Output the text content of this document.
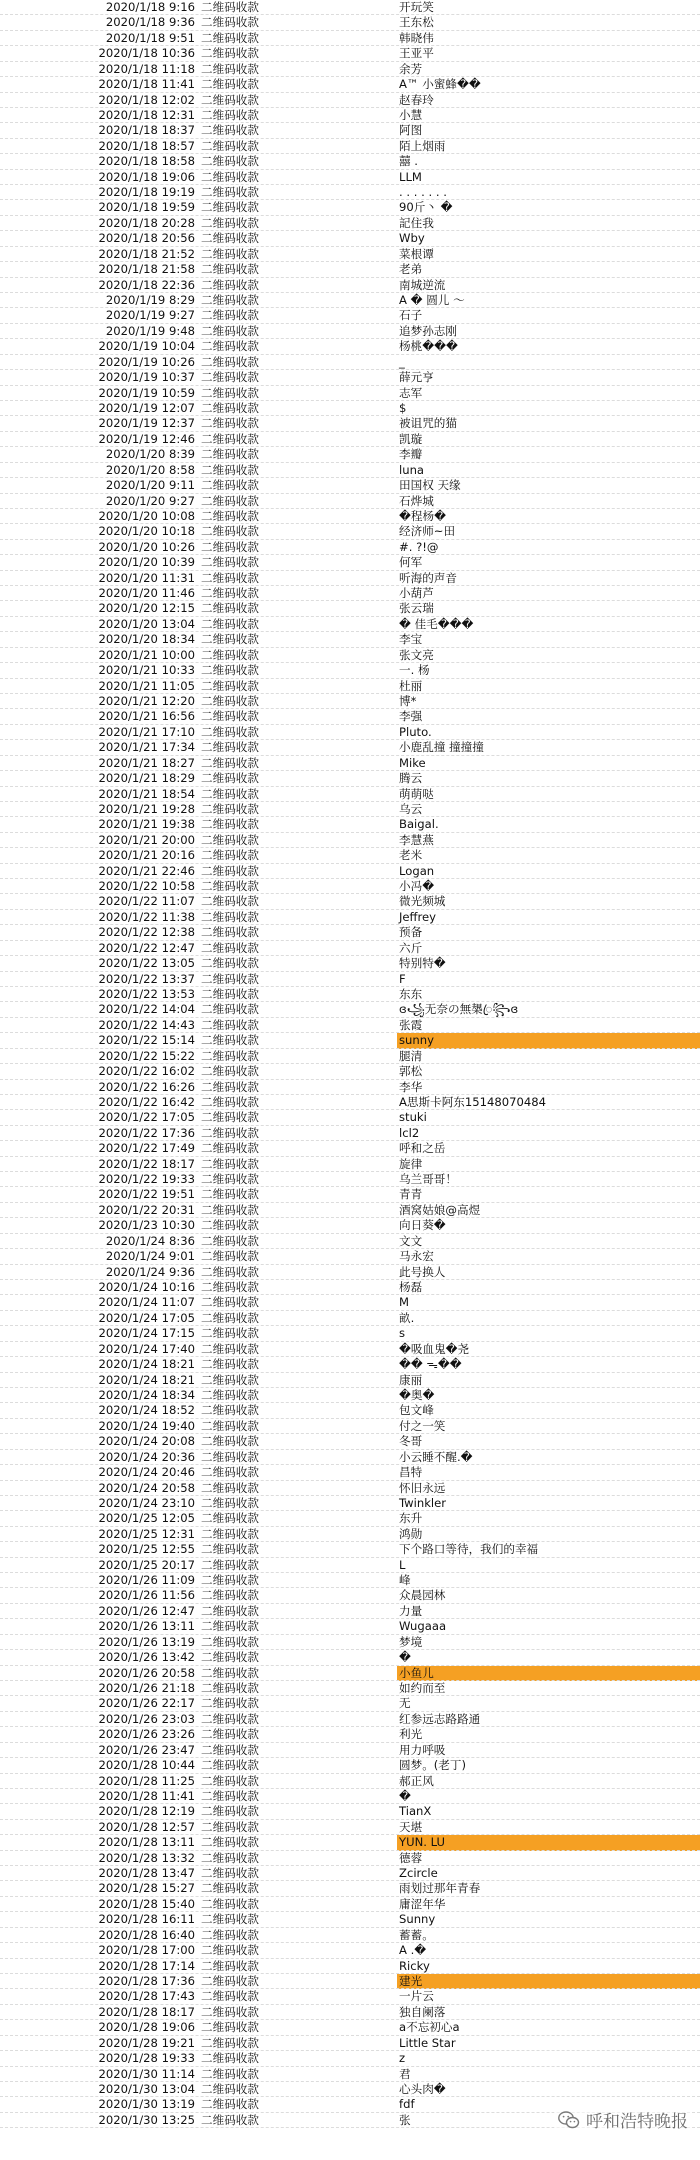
2020/1/18 9:16 二维码收款	开玩笑
2020/1/18 9:36 二维码收款	王东松
2020/1/18 9:51 二维码收款	韩晓伟
2020/1/18 10:36 二维码收款	王亚平
2020/1/18 11:18 二维码收款	余芳
2020/1/18 11:41 二维码收款	A™ 小蜜蜂��
2020/1/18 12:02 二维码收款	赵春玲
2020/1/18 12:31 二维码收款	小慧
2020/1/18 18:37 二维码收款	阿图
2020/1/18 18:57 二维码收款	陌上烟雨
2020/1/18 18:58 二维码收款	囍 .
2020/1/18 19:06 二维码收款	LLM
2020/1/18 19:19 二维码收款	. . . . . . .
2020/1/18 19:59 二维码收款	90斤丶 �
2020/1/18 20:28 二维码收款	記住我
2020/1/18 20:56 二维码收款	Wby
2020/1/18 21:52 二维码收款	菜根谭
2020/1/18 21:58 二维码收款	老弟
2020/1/18 22:36 二维码收款	南城逆流
2020/1/19 8:29 二维码收款	A � 圆儿 ～
2020/1/19 9:27 二维码收款	石子
2020/1/19 9:48 二维码收款	追梦孙志刚
2020/1/19 10:04 二维码收款	杨桃���
2020/1/19 10:26 二维码收款	_
2020/1/19 10:37 二维码收款	薛元亨
2020/1/19 10:59 二维码收款	志军
2020/1/19 12:07 二维码收款	$
2020/1/19 12:37 二维码收款	被诅咒的猫
2020/1/19 12:46 二维码收款	凯璇
2020/1/20 8:39 二维码收款	李瓣
2020/1/20 8:58 二维码收款	luna
2020/1/20 9:11 二维码收款	田国权 天缘
2020/1/20 9:27 二维码收款	石烨城
2020/1/20 10:08 二维码收款	�程杨�
2020/1/20 10:18 二维码收款	经济师~田
2020/1/20 10:26 二维码收款	#. ?!@
2020/1/20 10:39 二维码收款	何军
2020/1/20 11:31 二维码收款	听海的声音
2020/1/20 11:46 二维码收款	小葫芦
2020/1/20 12:15 二维码收款	张云瑞
2020/1/20 13:04 二维码收款	� 佳毛���
2020/1/20 18:34 二维码收款	李宝
2020/1/21 10:00 二维码收款	张文亮
2020/1/21 10:33 二维码收款	一. 杨
2020/1/21 11:05 二维码收款	杜丽
2020/1/21 12:20 二维码收款	博*
2020/1/21 16:56 二维码收款	李强
2020/1/21 17:10 二维码收款	Pluto.
2020/1/21 17:34 二维码收款	小鹿乱撞 撞撞撞
2020/1/21 18:27 二维码收款	Mike
2020/1/21 18:29 二维码收款	腾云
2020/1/21 18:54 二维码收款	萌萌哒
2020/1/21 19:28 二维码收款	乌云
2020/1/21 19:38 二维码收款	Baigal.
2020/1/21 20:00 二维码收款	李慧燕
2020/1/21 20:16 二维码收款	老米
2020/1/21 22:46 二维码收款	Logan
2020/1/22 10:58 二维码收款	小冯�
2020/1/22 11:07 二维码收款	微光频城
2020/1/22 11:38 二维码收款	Jeffrey
2020/1/22 12:38 二维码收款	预备
2020/1/22 12:47 二维码收款	六斤
2020/1/22 13:05 二维码收款	特别特�
2020/1/22 13:37 二维码收款	F
2020/1/22 13:53 二维码收款	东东
2020/1/22 14:04 二维码收款	ɞ꧁无奈の無槼ꦿ꧂ɞ
2020/1/22 14:43 二维码收款	张霞
2020/1/22 15:14 二维码收款	sunny
2020/1/22 15:22 二维码收款	腿清
2020/1/22 16:02 二维码收款	郭松
2020/1/22 16:26 二维码收款	李华
2020/1/22 16:42 二维码收款	A思斯卡阿东15148070484
2020/1/22 17:05 二维码收款	stuki
2020/1/22 17:36 二维码收款	lcl2
2020/1/22 17:49 二维码收款	呼和之岳
2020/1/22 18:17 二维码收款	旋律
2020/1/22 19:33 二维码收款	乌兰哥哥！
2020/1/22 19:51 二维码收款	青青
2020/1/22 20:31 二维码收款	酒窝姑娘@高煜
2020/1/23 10:30 二维码收款	向日葵�
2020/1/24 8:36 二维码收款	文文
2020/1/24 9:01 二维码收款	马永宏
2020/1/24 9:36 二维码收款	此号换人
2020/1/24 10:16 二维码收款	杨磊
2020/1/24 11:07 二维码收款	M
2020/1/24 17:05 二维码收款	畝.
2020/1/24 17:15 二维码收款	s
2020/1/24 17:40 二维码收款	�吸血鬼�尧
2020/1/24 18:21 二维码收款	�� ᯓ��
2020/1/24 18:21 二维码收款	康丽
2020/1/24 18:34 二维码收款	�奥�
2020/1/24 18:52 二维码收款	包文峰
2020/1/24 19:40 二维码收款	付之一笑
2020/1/24 20:08 二维码收款	冬哥
2020/1/24 20:36 二维码收款	小云睡不醒.�
2020/1/24 20:46 二维码收款	昌特
2020/1/24 20:58 二维码收款	怀旧永远
2020/1/24 23:10 二维码收款	Twinkler
2020/1/25 12:05 二维码收款	东升
2020/1/25 12:31 二维码收款	鸿勋
2020/1/25 12:55 二维码收款	下个路口等待，我们的幸福
2020/1/25 20:17 二维码收款	L
2020/1/26 11:09 二维码收款	峰
2020/1/26 11:56 二维码收款	众晨园林
2020/1/26 12:47 二维码收款	力量
2020/1/26 13:11 二维码收款	Wugaaa
2020/1/26 13:19 二维码收款	梦境
2020/1/26 13:42 二维码收款	�
2020/1/26 20:58 二维码收款	小鱼儿
2020/1/26 21:18 二维码收款	如约而至
2020/1/26 22:17 二维码收款	无
2020/1/26 23:03 二维码收款	红参远志路路通
2020/1/26 23:26 二维码收款	利光
2020/1/26 23:47 二维码收款	用力呼吸
2020/1/28 10:44 二维码收款	圆梦。(老丁)
2020/1/28 11:25 二维码收款	郝正风
2020/1/28 11:41 二维码收款	�
2020/1/28 12:19 二维码收款	TianX
2020/1/28 12:57 二维码收款	天堪
2020/1/28 13:11 二维码收款	YUN. LU
2020/1/28 13:32 二维码收款	德蓉
2020/1/28 13:47 二维码收款	Zcircle
2020/1/28 15:27 二维码收款	雨划过那年青春
2020/1/28 15:40 二维码收款	庸涩年华
2020/1/28 16:11 二维码收款	Sunny
2020/1/28 16:40 二维码收款	蓄蓄。
2020/1/28 17:00 二维码收款	A .�
2020/1/28 17:14 二维码收款	Ricky
2020/1/28 17:36 二维码收款	建光
2020/1/28 17:43 二维码收款	一片云
2020/1/28 18:17 二维码收款	独自阑落
2020/1/28 19:06 二维码收款	a不忘初心a
2020/1/28 19:21 二维码收款	Little Star
2020/1/28 19:33 二维码收款	z
2020/1/30 11:14 二维码收款	君
2020/1/30 13:04 二维码收款	心头肉�
2020/1/30 13:19 二维码收款	fdf
2020/1/30 13:25 二维码收款	张	呼和浩特晚报
